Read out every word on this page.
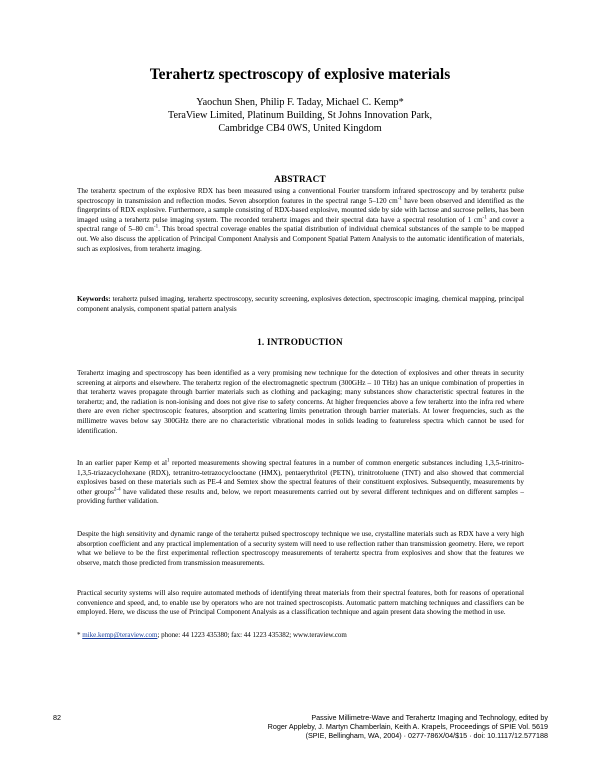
Terahertz spectroscopy of explosive materials
Yaochun Shen, Philip F. Taday, Michael C. Kemp*
TeraView Limited, Platinum Building, St Johns Innovation Park,
Cambridge CB4 0WS, United Kingdom
ABSTRACT

The terahertz spectrum of the explosive RDX has been measured using a conventional Fourier transform infrared spectroscopy and by terahertz pulse spectroscopy in transmission and reflection modes. Seven absorption features in the spectral range 5–120 $cm^{-1}$ have been observed and identified as the fingerprints of RDX explosive. Furthermore, a sample consisting of RDX-based explosive, mounted side by side with lactose and sucrose pellets, has been imaged using a terahertz pulse imaging system. The recorded terahertz images and their spectral data have a spectral resolution of 1 $cm^{-1}$ and cover a spectral range of 5–80 $cm^{-1}$. This broad spectral coverage enables the spatial distribution of individual chemical substances of the sample to be mapped out. We also discuss the application of Principal Component Analysis and Component Spatial Pattern Analysis to the automatic identification of materials, such as explosives, from terahertz imaging.

Keywords: terahertz pulsed imaging, terahertz spectroscopy, security screening, explosives detection, spectroscopic imaging, chemical mapping, principal component analysis, component spatial pattern analysis

1. INTRODUCTION

Terahertz imaging and spectroscopy has been identified as a very promising new technique for the detection of explosives and other threats in security screening at airports and elsewhere. The terahertz region of the electromagnetic spectrum (300GHz – 10 THz) has an unique combination of properties in that terahertz waves propagate through barrier materials such as clothing and packaging; many substances show characteristic spectral features in the terahertz; and, the radiation is non-ionising and does not give rise to safety concerns. At higher frequencies above a few terahertz into the infra red where there are even richer spectroscopic features, absorption and scattering limits penetration through barrier materials. At lower frequencies, such as the millimetre waves below say 300GHz there are no characteristic vibrational modes in solids leading to featureless spectra which cannot be used for identification.

In an earlier paper Kemp et $al^1$ reported measurements showing spectral features in a number of common energetic substances including 1,3,5-trinitro-1,3,5-triazacyclohexane (RDX), tetranitro-tetrazocyclooctane (HMX), pentaerythritol (PETN), trinitrotoluene (TNT) and also showed that commercial explosives based on these materials such as PE-4 and Semtex show the spectral features of their constituent explosives. Subsequently, measurements by other groups$^{2-4}$ have validated these results and, below, we report measurements carried out by several different techniques and on different samples – providing further validation.

Despite the high sensitivity and dynamic range of the terahertz pulsed spectroscopy technique we use, crystalline materials such as RDX have a very high absorption coefficient and any practical implementation of a security system will need to use reflection rather than transmission geometry. Here, we report what we believe to be the first experimental reflection spectroscopy measurements of terahertz spectra from explosives and show that the features we observe, match those predicted from transmission measurements.

Practical security systems will also require automated methods of identifying threat materials from their spectral features, both for reasons of operational convenience and speed, and, to enable use by operators who are not trained spectroscopists. Automatic pattern matching techniques and classifiers can be employed. Here, we discuss the use of Principal Component Analysis as a classification technique and again present data showing the method in use.

* mike.kemp@teraview.com; phone: 44 1223 435380; fax: 44 1223 435382; www.teraview.com
82	Passive Millimetre-Wave and Terahertz Imaging and Technology, edited by
Roger Appleby, J. Martyn Chamberlain, Keith A. Krapels, Proceedings of SPIE Vol. 5619
(SPIE, Bellingham, WA, 2004) · 0277-786X/04/$15 · doi: 10.1117/12.577188
